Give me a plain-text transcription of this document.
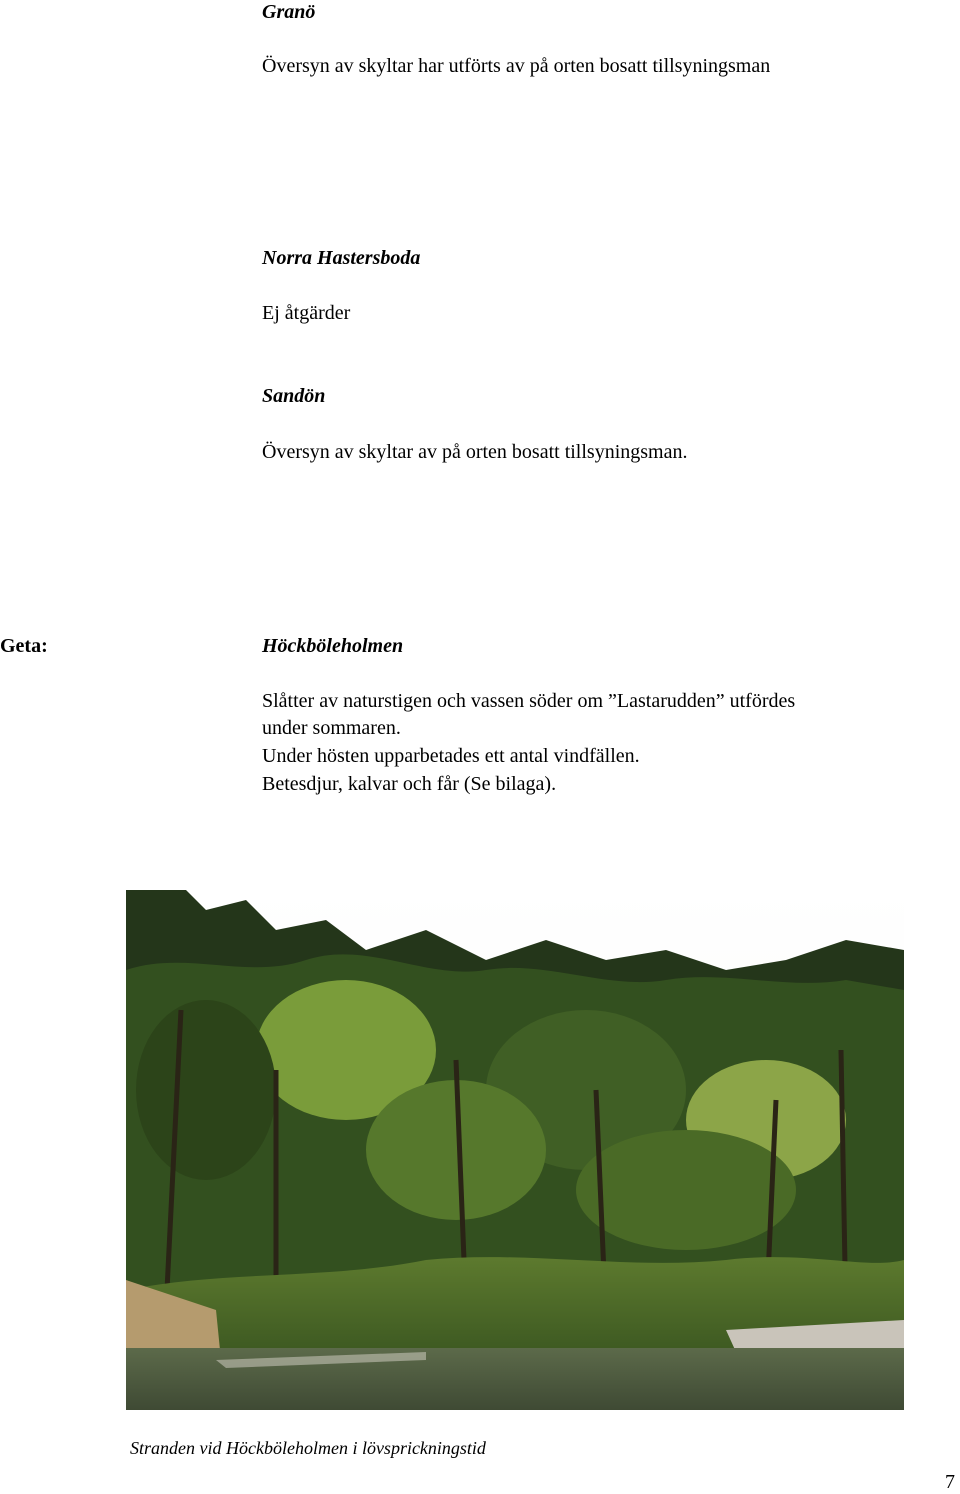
Granö
Översyn av skyltar har utförts av på orten bosatt tillsyningsman
Norra Hastersboda
Ej åtgärder
Sandön
Översyn av skyltar av på orten bosatt tillsyningsman.
Geta:	Höckböleholmen
Slåtter av naturstigen och vassen söder om ”Lastarudden” utfördes
under sommaren.
Under hösten upparbetades ett antal vindfällen.
Betesdjur, kalvar och får (Se bilaga).
Stranden vid Höckböleholmen i lövsprickningstid
7
